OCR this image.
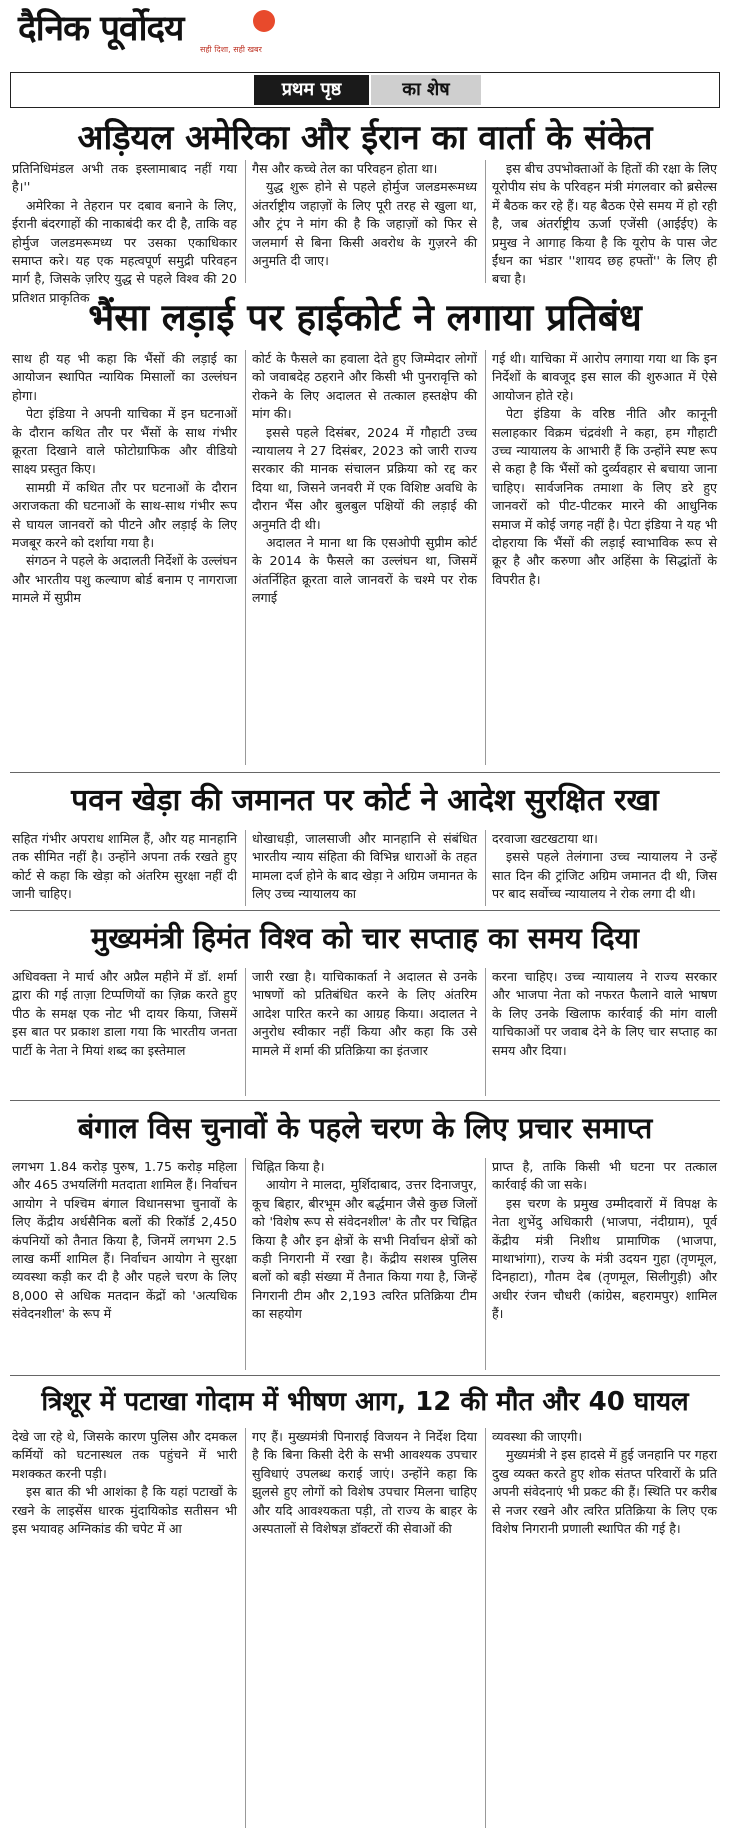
दैनिक पूर्वोदय
सही दिशा, सही खबर
प्रथम पृष्ठ	का शेष
अड़ियल अमेरिका और ईरान का वार्ता के संकेत

प्रतिनिधिमंडल अभी तक इस्लामाबाद नहीं गया है।''

अमेरिका ने तेहरान पर दबाव बनाने के लिए, ईरानी बंदरगाहों की नाकाबंदी कर दी है, ताकि वह होर्मुज जलडमरूमध्य पर उसका एकाधिकार समाप्त करे। यह एक महत्वपूर्ण समुद्री परिवहन मार्ग है, जिसके ज़रिए युद्ध से पहले विश्व की 20 प्रतिशत प्राकृतिक

गैस और कच्चे तेल का परिवहन होता था।

युद्ध शुरू होने से पहले होर्मुज जलडमरूमध्य अंतर्राष्ट्रीय जहाज़ों के लिए पूरी तरह से खुला था, और ट्रंप ने मांग की है कि जहाज़ों को फिर से जलमार्ग से बिना किसी अवरोध के गुज़रने की अनुमति दी जाए।

इस बीच उपभोक्ताओं के हितों की रक्षा के लिए यूरोपीय संघ के परिवहन मंत्री मंगलवार को ब्रसेल्स में बैठक कर रहे हैं। यह बैठक ऐसे समय में हो रही है, जब अंतर्राष्ट्रीय ऊर्जा एजेंसी (आईईए) के प्रमुख ने आगाह किया है कि यूरोप के पास जेट ईंधन का भंडार ''शायद छह हफ्तों'' के लिए ही बचा है।

भैंसा लड़ाई पर हाईकोर्ट ने लगाया प्रतिबंध

साथ ही यह भी कहा कि भैंसों की लड़ाई का आयोजन स्थापित न्यायिक मिसालों का उल्लंघन होगा।

पेटा इंडिया ने अपनी याचिका में इन घटनाओं के दौरान कथित तौर पर भैंसों के साथ गंभीर क्रूरता दिखाने वाले फोटोग्राफिक और वीडियो साक्ष्य प्रस्तुत किए।

सामग्री में कथित तौर पर घटनाओं के दौरान अराजकता की घटनाओं के साथ-साथ गंभीर रूप से घायल जानवरों को पीटने और लड़ाई के लिए मजबूर करने को दर्शाया गया है।

संगठन ने पहले के अदालती निर्देशों के उल्लंघन और भारतीय पशु कल्याण बोर्ड बनाम ए नागराजा मामले में सुप्रीम

कोर्ट के फैसले का हवाला देते हुए जिम्मेदार लोगों को जवाबदेह ठहराने और किसी भी पुनरावृत्ति को रोकने के लिए अदालत से तत्काल हस्तक्षेप की मांग की।

इससे पहले दिसंबर, 2024 में गौहाटी उच्च न्यायालय ने 27 दिसंबर, 2023 को जारी राज्य सरकार की मानक संचालन प्रक्रिया को रद्द कर दिया था, जिसने जनवरी में एक विशिष्ट अवधि के दौरान भैंस और बुलबुल पक्षियों की लड़ाई की अनुमति दी थी।

अदालत ने माना था कि एसओपी सुप्रीम कोर्ट के 2014 के फैसले का उल्लंघन था, जिसमें अंतर्निहित क्रूरता वाले जानवरों के चश्मे पर रोक लगाई

गई थी। याचिका में आरोप लगाया गया था कि इन निर्देशों के बावजूद इस साल की शुरुआत में ऐसे आयोजन होते रहे।

पेटा इंडिया के वरिष्ठ नीति और कानूनी सलाहकार विक्रम चंद्रवंशी ने कहा, हम गौहाटी उच्च न्यायालय के आभारी हैं कि उन्होंने स्पष्ट रूप से कहा है कि भैंसों को दुर्व्यवहार से बचाया जाना चाहिए। सार्वजनिक तमाशा के लिए डरे हुए जानवरों को पीट-पीटकर मारने की आधुनिक समाज में कोई जगह नहीं है। पेटा इंडिया ने यह भी दोहराया कि भैंसों की लड़ाई स्वाभाविक रूप से क्रूर है और करुणा और अहिंसा के सिद्धांतों के विपरीत है।

पवन खेड़ा की जमानत पर कोर्ट ने आदेश सुरक्षित रखा

सहित गंभीर अपराध शामिल हैं, और यह मानहानि तक सीमित नहीं है। उन्होंने अपना तर्क रखते हुए कोर्ट से कहा कि खेड़ा को अंतरिम सुरक्षा नहीं दी जानी चाहिए।

धोखाधड़ी, जालसाजी और मानहानि से संबंधित भारतीय न्याय संहिता की विभिन्न धाराओं के तहत मामला दर्ज होने के बाद खेड़ा ने अग्रिम जमानत के लिए उच्च न्यायालय का

दरवाजा खटखटाया था।

इससे पहले तेलंगाना उच्च न्यायालय ने उन्हें सात दिन की ट्रांजिट अग्रिम जमानत दी थी, जिस पर बाद सर्वोच्च न्यायालय ने रोक लगा दी थी।

मुख्यमंत्री हिमंत विश्व को चार सप्ताह का समय दिया

अधिवक्ता ने मार्च और अप्रैल महीने में डॉ. शर्मा द्वारा की गई ताज़ा टिप्पणियों का ज़िक्र करते हुए पीठ के समक्ष एक नोट भी दायर किया, जिसमें इस बात पर प्रकाश डाला गया कि भारतीय जनता पार्टी के नेता ने मियां शब्द का इस्तेमाल

जारी रखा है। याचिकाकर्ता ने अदालत से उनके भाषणों को प्रतिबंधित करने के लिए अंतरिम आदेश पारित करने का आग्रह किया। अदालत ने अनुरोध स्वीकार नहीं किया और कहा कि उसे मामले में शर्मा की प्रतिक्रिया का इंतजार

करना चाहिए। उच्च न्यायालय ने राज्य सरकार और भाजपा नेता को नफरत फैलाने वाले भाषण के लिए उनके खिलाफ कार्रवाई की मांग वाली याचिकाओं पर जवाब देने के लिए चार सप्ताह का समय और दिया।

बंगाल विस चुनावों के पहले चरण के लिए प्रचार समाप्त

लगभग 1.84 करोड़ पुरुष, 1.75 करोड़ महिला और 465 उभयलिंगी मतदाता शामिल हैं। निर्वाचन आयोग ने पश्चिम बंगाल विधानसभा चुनावों के लिए केंद्रीय अर्धसैनिक बलों की रिकॉर्ड 2,450 कंपनियों को तैनात किया है, जिनमें लगभग 2.5 लाख कर्मी शामिल हैं। निर्वाचन आयोग ने सुरक्षा व्यवस्था कड़ी कर दी है और पहले चरण के लिए 8,000 से अधिक मतदान केंद्रों को 'अत्यधिक संवेदनशील' के रूप में

चिह्नित किया है।

आयोग ने मालदा, मुर्शिदाबाद, उत्तर दिनाजपुर, कूच बिहार, बीरभूम और बर्द्धमान जैसे कुछ जिलों को 'विशेष रूप से संवेदनशील' के तौर पर चिह्नित किया है और इन क्षेत्रों के सभी निर्वाचन क्षेत्रों को कड़ी निगरानी में रखा है। केंद्रीय सशस्त्र पुलिस बलों को बड़ी संख्या में तैनात किया गया है, जिन्हें निगरानी टीम और 2,193 त्वरित प्रतिक्रिया टीम का सहयोग

प्राप्त है, ताकि किसी भी घटना पर तत्काल कार्रवाई की जा सके।

इस चरण के प्रमुख उम्मीदवारों में विपक्ष के नेता शुभेंदु अधिकारी (भाजपा, नंदीग्राम), पूर्व केंद्रीय मंत्री निशीथ प्रामाणिक (भाजपा, माथाभांगा), राज्य के मंत्री उदयन गुहा (तृणमूल, दिनहाटा), गौतम देब (तृणमूल, सिलीगुड़ी) और अधीर रंजन चौधरी (कांग्रेस, बहरामपुर) शामिल हैं।

त्रिशूर में पटाखा गोदाम में भीषण आग, 12 की मौत और 40 घायल

देखे जा रहे थे, जिसके कारण पुलिस और दमकल कर्मियों को घटनास्थल तक पहुंचने में भारी मशक्कत करनी पड़ी।

इस बात की भी आशंका है कि यहां पटाखों के रखने के लाइसेंस धारक मुंदायिकोड सतीसन भी इस भयावह अग्निकांड की चपेट में आ

गए हैं। मुख्यमंत्री पिनाराई विजयन ने निर्देश दिया है कि बिना किसी देरी के सभी आवश्यक उपचार सुविधाएं उपलब्ध कराई जाएं। उन्होंने कहा कि झुलसे हुए लोगों को विशेष उपचार मिलना चाहिए और यदि आवश्यकता पड़ी, तो राज्य के बाहर के अस्पतालों से विशेषज्ञ डॉक्टरों की सेवाओं की

व्यवस्था की जाएगी।

मुख्यमंत्री ने इस हादसे में हुई जनहानि पर गहरा दुख व्यक्त करते हुए शोक संतप्त परिवारों के प्रति अपनी संवेदनाएं भी प्रकट की हैं। स्थिति पर करीब से नजर रखने और त्वरित प्रतिक्रिया के लिए एक विशेष निगरानी प्रणाली स्थापित की गई है।
